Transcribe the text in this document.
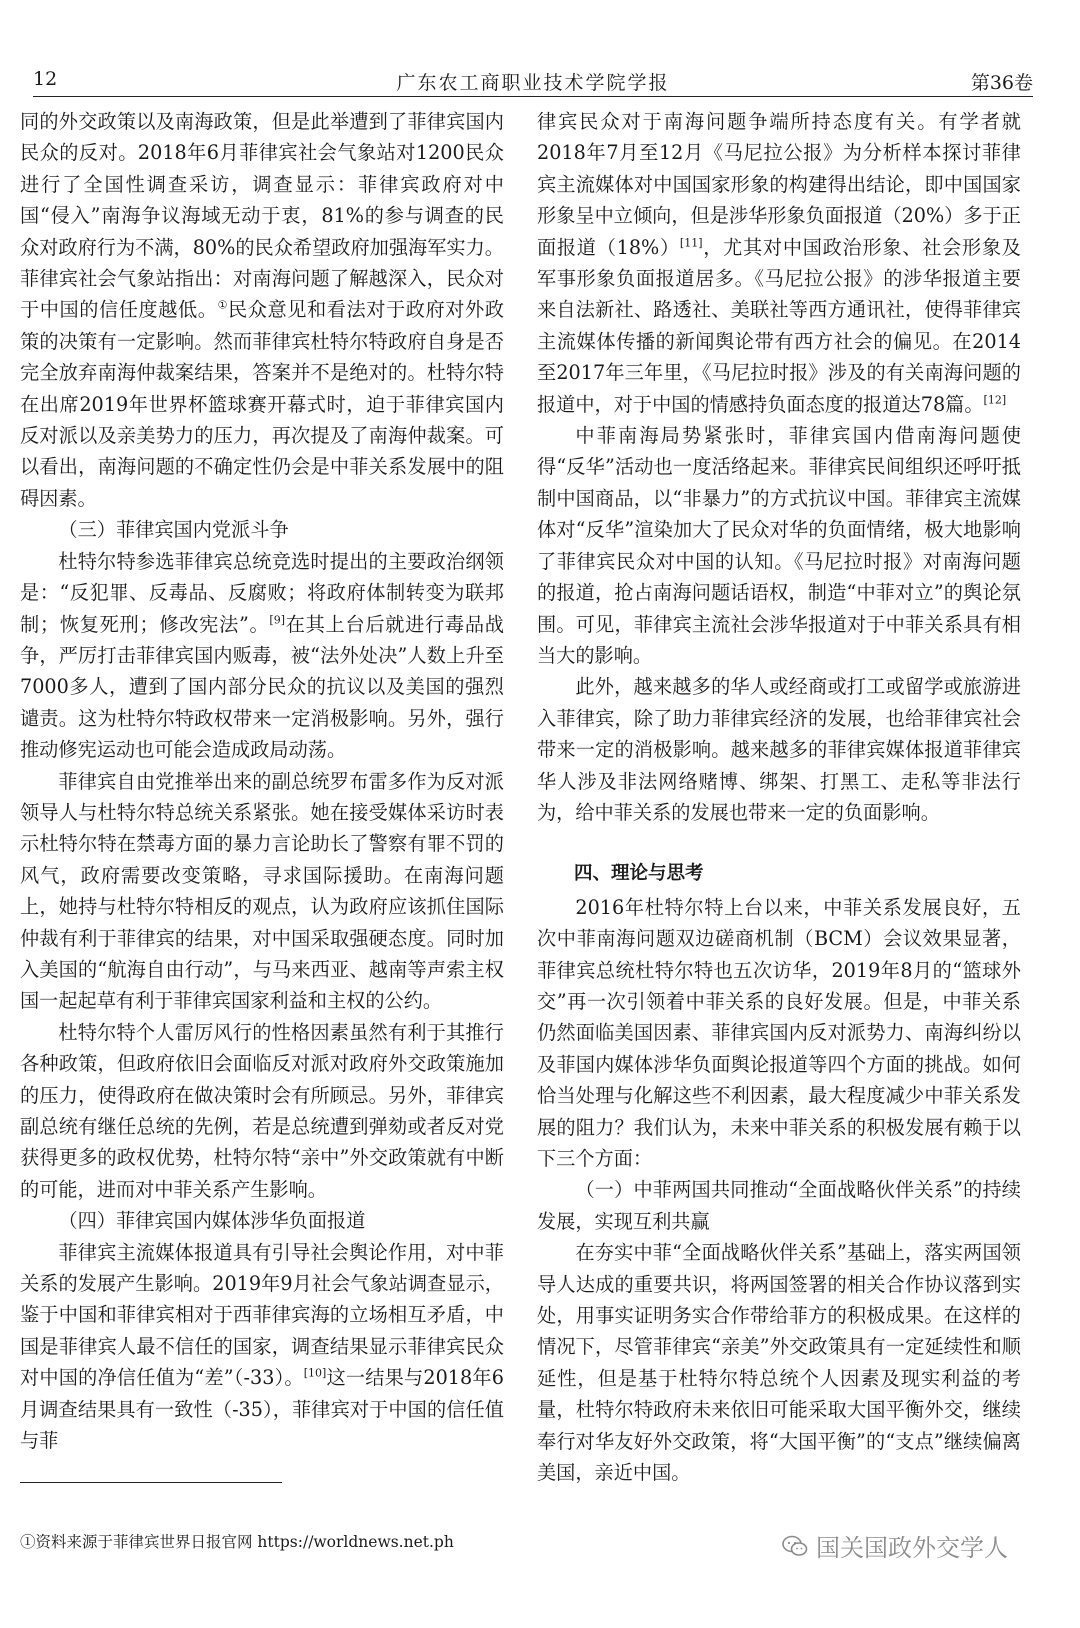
12	广东农工商职业技术学院学报	第36卷

同的外交政策以及南海政策，但是此举遭到了菲律宾国内民众的反对。2018年6月菲律宾社会气象站对1200民众进行了全国性调查采访，调查显示：菲律宾政府对中国“侵入”南海争议海域无动于衷，81%的参与调查的民众对政府行为不满，80%的民众希望政府加强海军实力。菲律宾社会气象站指出：对南海问题了解越深入，民众对于中国的信任度越低。①民众意见和看法对于政府对外政策的决策有一定影响。然而菲律宾杜特尔特政府自身是否完全放弃南海仲裁案结果，答案并不是绝对的。杜特尔特在出席2019年世界杯篮球赛开幕式时，迫于菲律宾国内反对派以及亲美势力的压力，再次提及了南海仲裁案。可以看出，南海问题的不确定性仍会是中菲关系发展中的阻碍因素。

（三）菲律宾国内党派斗争

杜特尔特参选菲律宾总统竞选时提出的主要政治纲领是：“反犯罪、反毒品、反腐败；将政府体制转变为联邦制；恢复死刑；修改宪法”。[9]在其上台后就进行毒品战争，严厉打击菲律宾国内贩毒，被“法外处决”人数上升至7000多人，遭到了国内部分民众的抗议以及美国的强烈谴责。这为杜特尔特政权带来一定消极影响。另外，强行推动修宪运动也可能会造成政局动荡。

菲律宾自由党推举出来的副总统罗布雷多作为反对派领导人与杜特尔特总统关系紧张。她在接受媒体采访时表示杜特尔特在禁毒方面的暴力言论助长了警察有罪不罚的风气，政府需要改变策略，寻求国际援助。在南海问题上，她持与杜特尔特相反的观点，认为政府应该抓住国际仲裁有利于菲律宾的结果，对中国采取强硬态度。同时加入美国的“航海自由行动”，与马来西亚、越南等声索主权国一起起草有利于菲律宾国家利益和主权的公约。

杜特尔特个人雷厉风行的性格因素虽然有利于其推行各种政策，但政府依旧会面临反对派对政府外交政策施加的压力，使得政府在做决策时会有所顾忌。另外，菲律宾副总统有继任总统的先例，若是总统遭到弹劾或者反对党获得更多的政权优势，杜特尔特“亲中”外交政策就有中断的可能，进而对中菲关系产生影响。

（四）菲律宾国内媒体涉华负面报道

菲律宾主流媒体报道具有引导社会舆论作用，对中菲关系的发展产生影响。2019年9月社会气象站调查显示，鉴于中国和菲律宾相对于西菲律宾海的立场相互矛盾，中国是菲律宾人最不信任的国家，调查结果显示菲律宾民众对中国的净信任值为“差”（-33）。[10]这一结果与2018年6月调查结果具有一致性（-35），菲律宾对于中国的信任值与菲

律宾民众对于南海问题争端所持态度有关。有学者就2018年7月至12月《马尼拉公报》为分析样本探讨菲律宾主流媒体对中国国家形象的构建得出结论，即中国国家形象呈中立倾向，但是涉华形象负面报道（20%）多于正面报道（18%）[11]，尤其对中国政治形象、社会形象及军事形象负面报道居多。《马尼拉公报》的涉华报道主要来自法新社、路透社、美联社等西方通讯社，使得菲律宾主流媒体传播的新闻舆论带有西方社会的偏见。在2014至2017年三年里，《马尼拉时报》涉及的有关南海问题的报道中，对于中国的情感持负面态度的报道达78篇。[12]

中菲南海局势紧张时，菲律宾国内借南海问题使得“反华”活动也一度活络起来。菲律宾民间组织还呼吁抵制中国商品，以“非暴力”的方式抗议中国。菲律宾主流媒体对“反华”渲染加大了民众对华的负面情绪，极大地影响了菲律宾民众对中国的认知。《马尼拉时报》对南海问题的报道，抢占南海问题话语权，制造“中菲对立”的舆论氛围。可见，菲律宾主流社会涉华报道对于中菲关系具有相当大的影响。

此外，越来越多的华人或经商或打工或留学或旅游进入菲律宾，除了助力菲律宾经济的发展，也给菲律宾社会带来一定的消极影响。越来越多的菲律宾媒体报道菲律宾华人涉及非法网络赌博、绑架、打黑工、走私等非法行为，给中菲关系的发展也带来一定的负面影响。

四、理论与思考

2016年杜特尔特上台以来，中菲关系发展良好，五次中菲南海问题双边磋商机制（BCM）会议效果显著，菲律宾总统杜特尔特也五次访华，2019年8月的“篮球外交”再一次引领着中菲关系的良好发展。但是，中菲关系仍然面临美国因素、菲律宾国内反对派势力、南海纠纷以及菲国内媒体涉华负面舆论报道等四个方面的挑战。如何恰当处理与化解这些不利因素，最大程度减少中菲关系发展的阻力？我们认为，未来中菲关系的积极发展有赖于以下三个方面：

（一）中菲两国共同推动“全面战略伙伴关系”的持续发展，实现互利共赢

在夯实中菲“全面战略伙伴关系”基础上，落实两国领导人达成的重要共识，将两国签署的相关合作协议落到实处，用事实证明务实合作带给菲方的积极成果。在这样的情况下，尽管菲律宾“亲美”外交政策具有一定延续性和顺延性，但是基于杜特尔特总统个人因素及现实利益的考量，杜特尔特政府未来依旧可能采取大国平衡外交，继续奉行对华友好外交政策，将“大国平衡”的“支点”继续偏离美国，亲近中国。

①资料来源于菲律宾世界日报官网 https://worldnews.net.ph	国关国政外交学人
